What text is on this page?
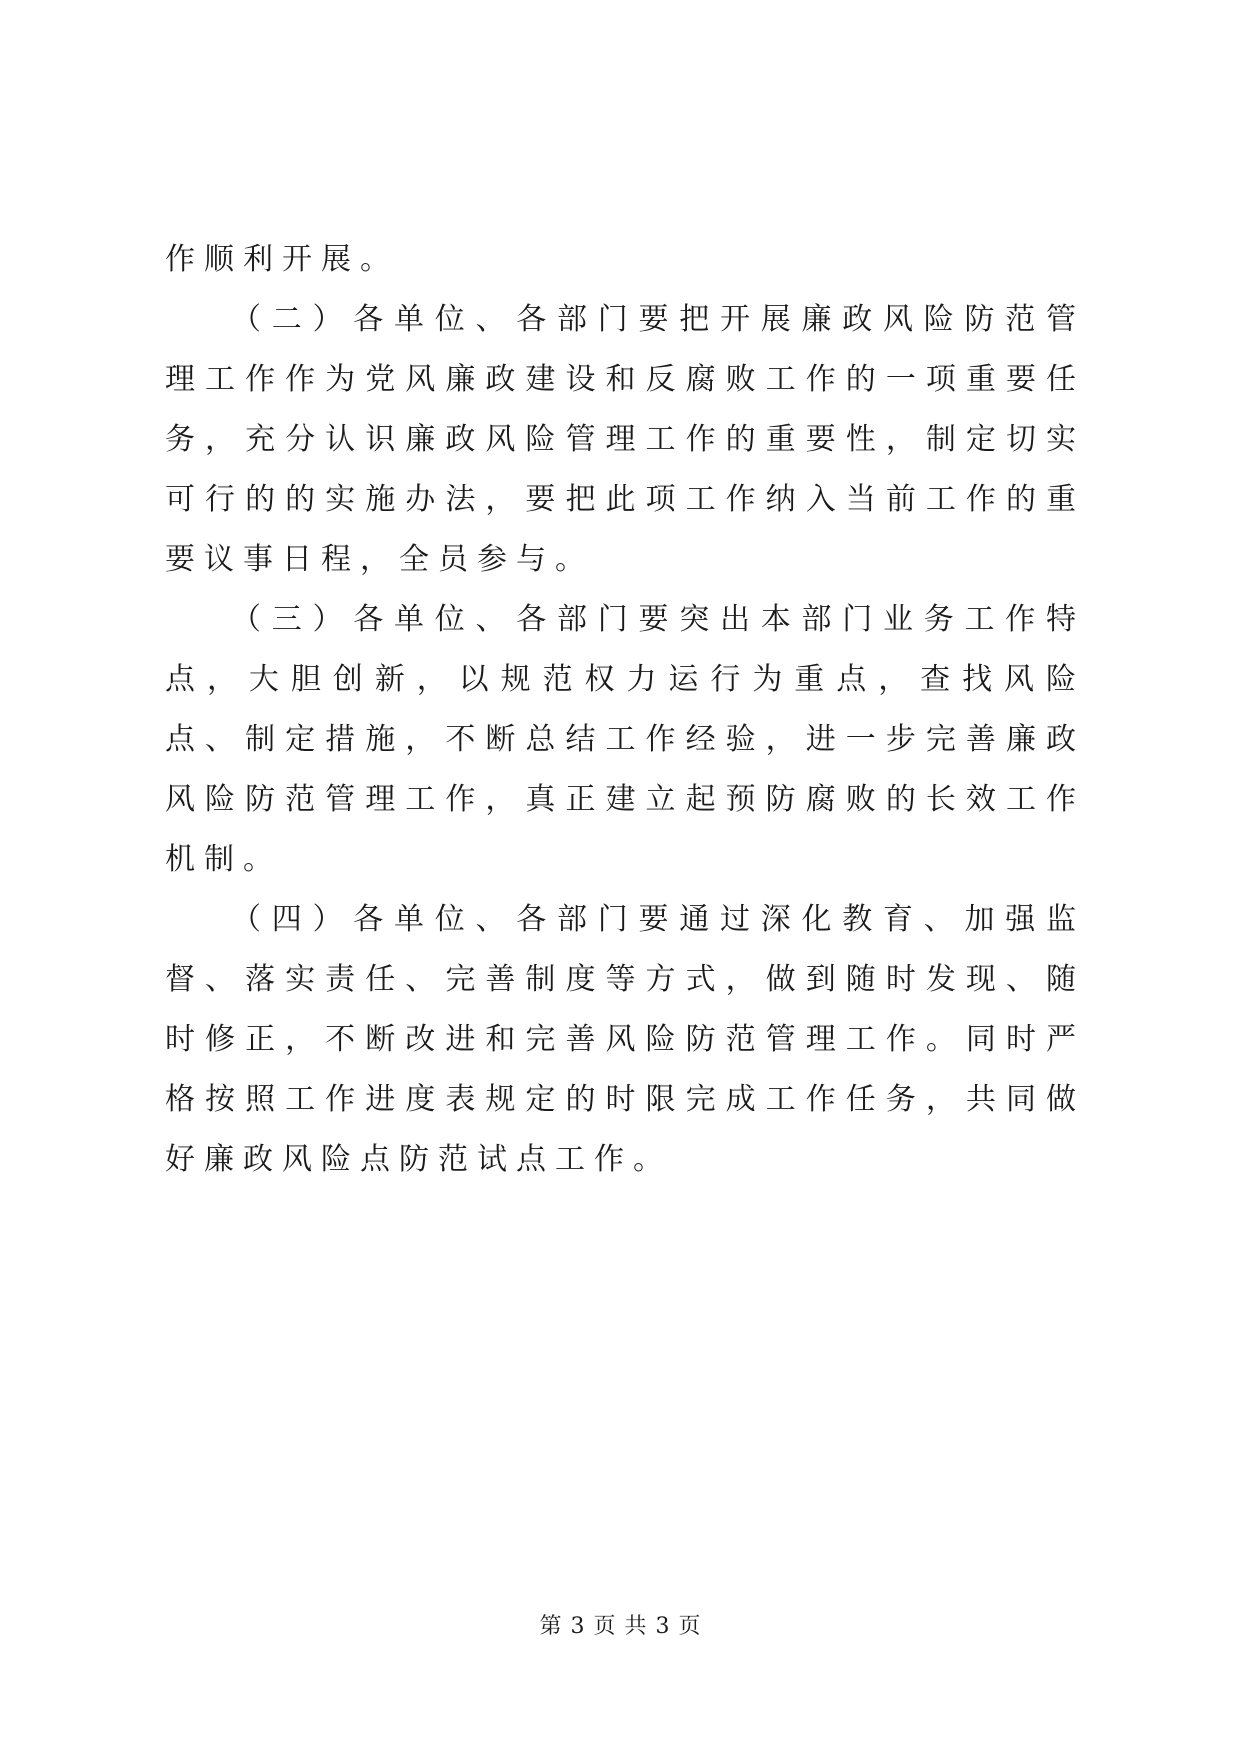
作顺利开展。

（二）各单位、各部门要把开展廉政风险防范管理工作作为党风廉政建设和反腐败工作的一项重要任务，充分认识廉政风险管理工作的重要性，制定切实可行的的实施办法，要把此项工作纳入当前工作的重要议事日程，全员参与。

（三）各单位、各部门要突出本部门业务工作特点，大胆创新，以规范权力运行为重点，查找风险点、制定措施，不断总结工作经验，进一步完善廉政风险防范管理工作，真正建立起预防腐败的长效工作机制。

（四）各单位、各部门要通过深化教育、加强监督、落实责任、完善制度等方式，做到随时发现、随时修正，不断改进和完善风险防范管理工作。同时严格按照工作进度表规定的时限完成工作任务，共同做好廉政风险点防范试点工作。

第 3 页 共 3 页
